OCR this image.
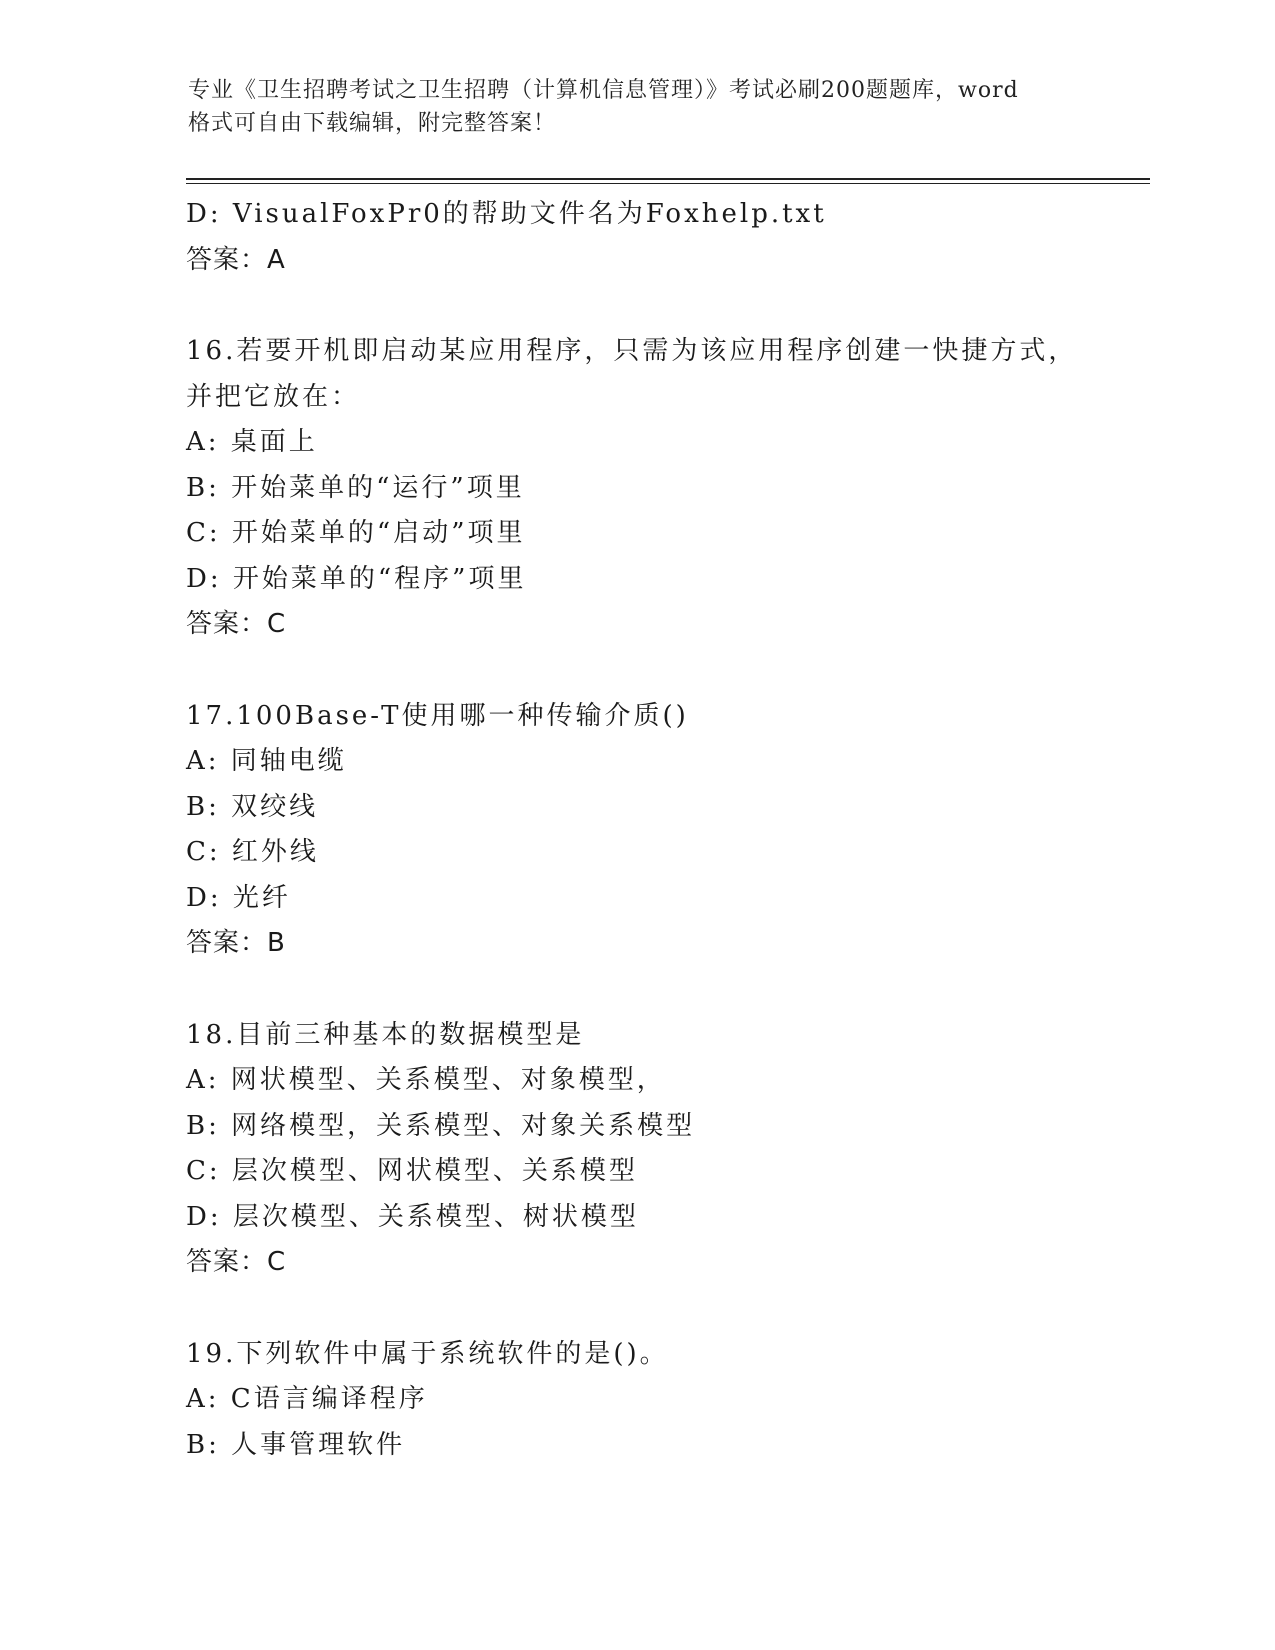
专业《卫生招聘考试之卫生招聘（计算机信息管理）》考试必刷200题题库，word
格式可自由下载编辑，附完整答案！
D: VisualFoxPr0的帮助文件名为Foxhelp.txt
答案：A
16.若要开机即启动某应用程序，只需为该应用程序创建一快捷方式，
并把它放在：
A: 桌面上
B: 开始菜单的“运行”项里
C: 开始菜单的“启动”项里
D: 开始菜单的“程序”项里
答案：C
17.100Base-T使用哪一种传输介质()
A: 同轴电缆
B: 双绞线
C: 红外线
D: 光纤
答案：B
18.目前三种基本的数据模型是
A: 网状模型、关系模型、对象模型，
B: 网络模型，关系模型、对象关系模型
C: 层次模型、网状模型、关系模型
D: 层次模型、关系模型、树状模型
答案：C
19.下列软件中属于系统软件的是()。
A: C语言编译程序
B: 人事管理软件
